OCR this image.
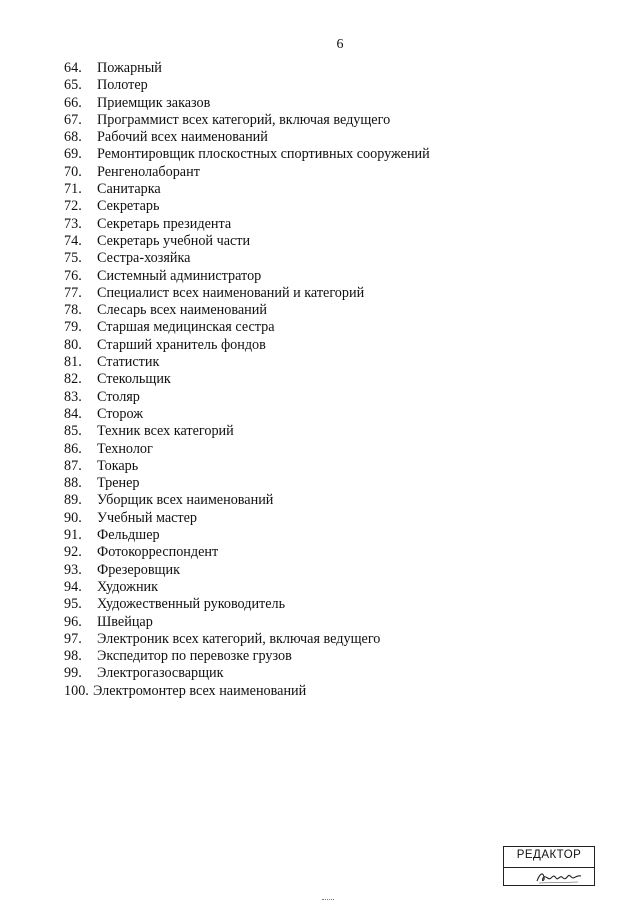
6
64.	Пожарный
65.	Полотер
66.	Приемщик заказов
67.	Программист всех категорий, включая ведущего
68.	Рабочий всех наименований
69.	Ремонтировщик плоскостных спортивных сооружений
70.	Ренгенолаборант
71.	Санитарка
72.	Секретарь
73.	Секретарь президента
74.	Секретарь учебной части
75.	Сестра-хозяйка
76.	Системный администратор
77.	Специалист всех наименований и категорий
78.	Слесарь всех наименований
79.	Старшая медицинская сестра
80.	Старший хранитель фондов
81.	Статистик
82.	Стекольщик
83.	Столяр
84.	Сторож
85.	Техник всех категорий
86.	Технолог
87.	Токарь
88.	Тренер
89.	Уборщик всех наименований
90.	Учебный мастер
91.	Фельдшер
92.	Фотокорреспондент
93.	Фрезеровщик
94.	Художник
95.	Художественный руководитель
96.	Швейцар
97.	Электроник всех категорий, включая ведущего
98.	Экспедитор по перевозке грузов
99.	Электрогазосварщик
100. Электромонтер всех наименований
РЕДАКТОР
